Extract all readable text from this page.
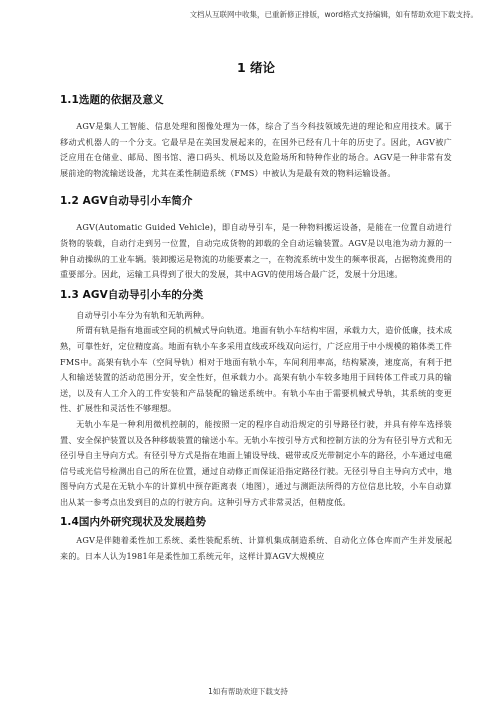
文档从互联网中收集，已重新修正排版，word格式支持编辑，如有帮助欢迎下载支持。
1 绪论
1.1选题的依据及意义

AGV是集人工智能、信息处理和图像处理为一体，综合了当今科技领域先进的理论和应用技术。属于移动式机器人的一个分支。它最早是在美国发展起来的，在国外已经有几十年的历史了。因此，AGV被广泛应用在仓储业、邮局、图书馆、港口码头、机场以及危险场所和特种作业的场合。AGV是一种非常有发展前途的物流输送设备，尤其在柔性制造系统（FMS）中被认为是最有效的物料运输设备。

1.2 AGV自动导引小车简介

AGV(Automatic Guided Vehicle)，即自动导引车，是一种物料搬运设备，是能在一位置自动进行货物的装载，自动行走到另一位置，自动完成货物的卸载的全自动运输装置。AGV是以电池为动力源的一种自动操纵的工业车辆。装卸搬运是物流的功能要素之一，在物流系统中发生的频率很高，占据物流费用的重要部分。因此，运输工具得到了很大的发展，其中AGV的使用场合最广泛，发展十分迅速。

1.3 AGV自动导引小车的分类

自动导引小车分为有轨和无轨两种。

所谓有轨是指有地面或空间的机械式导向轨道。地面有轨小车结构牢固，承载力大，造价低廉，技术成熟，可靠性好，定位精度高。地面有轨小车多采用直线或环线双向运行，广泛应用于中小规模的箱体类工件FMS中。高架有轨小车（空间导轨）相对于地面有轨小车，车间利用率高，结构紧凑，速度高，有利于把人和输送装置的活动范围分开，安全性好，但承载力小。高架有轨小车较多地用于回转体工件或刀具的输送，以及有人工介入的工件安装和产品装配的输送系统中。有轨小车由于需要机械式导轨，其系统的变更性、扩展性和灵活性不够理想。

无轨小车是一种利用微机控制的，能按照一定的程序自动沿规定的引导路径行驶，并具有停车选择装置、安全保护装置以及各种移载装置的输送小车。无轨小车按引导方式和控制方法的分为有径引导方式和无径引导自主导向方式。有径引导方式是指在地面上铺设导线、磁带或反光带制定小车的路径，小车通过电磁信号或光信号检测出自己的所在位置，通过自动修正而保证沿指定路径行驶。无径引导自主导向方式中，地图导向方式是在无轨小车的计算机中预存距离表（地图），通过与测距法所得的方位信息比较，小车自动算出从某一参考点出发到目的点的行驶方向。这种引导方式非常灵活，但精度低。

1.4国内外研究现状及发展趋势

AGV是伴随着柔性加工系统、柔性装配系统、计算机集成制造系统、自动化立体仓库而产生并发展起来的。日本人认为1981年是柔性加工系统元年，这样计算AGV大规模应

1如有帮助欢迎下载支持
